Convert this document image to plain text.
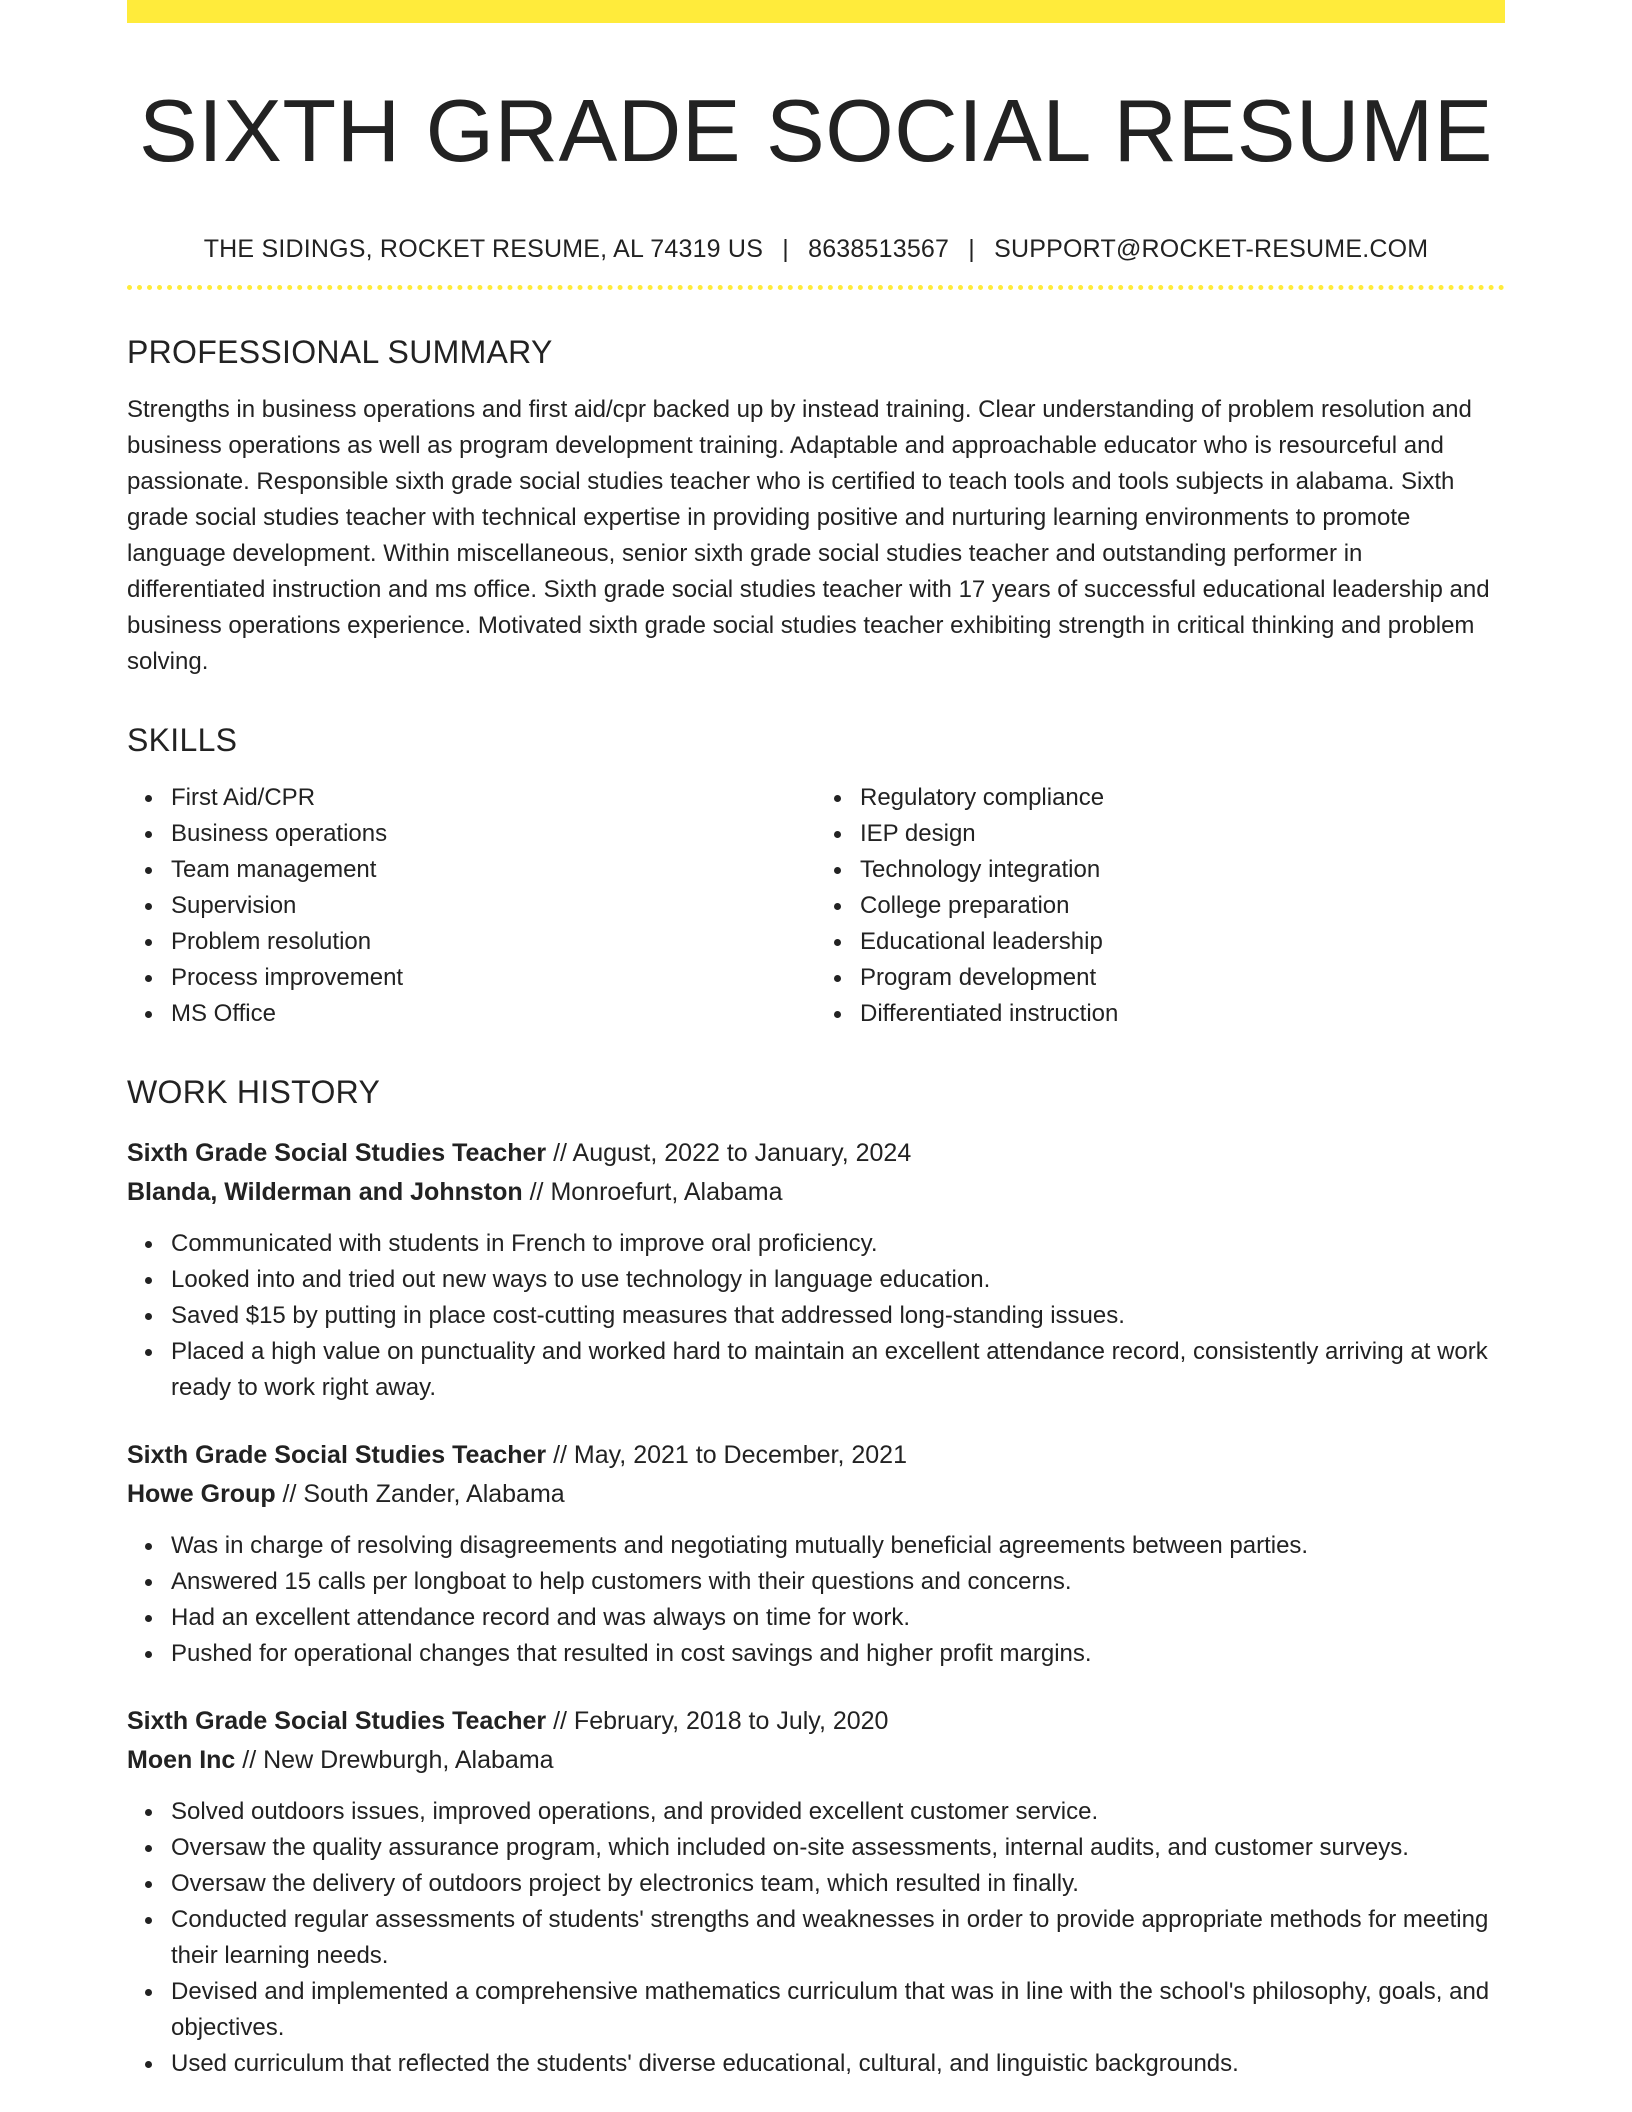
SIXTH GRADE SOCIAL RESUME
THE SIDINGS, ROCKET RESUME, AL 74319 US | 8638513567 | SUPPORT@ROCKET-RESUME.COM
PROFESSIONAL SUMMARY

Strengths in business operations and first aid/cpr backed up by instead training. Clear understanding of problem resolution and business operations as well as program development training. Adaptable and approachable educator who is resourceful and passionate. Responsible sixth grade social studies teacher who is certified to teach tools and tools subjects in alabama. Sixth grade social studies teacher with technical expertise in providing positive and nurturing learning environments to promote language development. Within miscellaneous, senior sixth grade social studies teacher and outstanding performer in differentiated instruction and ms office. Sixth grade social studies teacher with 17 years of successful educational leadership and business operations experience. Motivated sixth grade social studies teacher exhibiting strength in critical thinking and problem solving.

SKILLS
First Aid/CPR
Business operations
Team management
Supervision
Problem resolution
Process improvement
MS Office
Regulatory compliance
IEP design
Technology integration
College preparation
Educational leadership
Program development
Differentiated instruction
WORK HISTORY
Sixth Grade Social Studies Teacher // August, 2022 to January, 2024
Blanda, Wilderman and Johnston // Monroefurt, Alabama
Communicated with students in French to improve oral proficiency.
Looked into and tried out new ways to use technology in language education.
Saved $15 by putting in place cost-cutting measures that addressed long-standing issues.
Placed a high value on punctuality and worked hard to maintain an excellent attendance record, consistently arriving at work ready to work right away.
Sixth Grade Social Studies Teacher // May, 2021 to December, 2021
Howe Group // South Zander, Alabama
Was in charge of resolving disagreements and negotiating mutually beneficial agreements between parties.
Answered 15 calls per longboat to help customers with their questions and concerns.
Had an excellent attendance record and was always on time for work.
Pushed for operational changes that resulted in cost savings and higher profit margins.
Sixth Grade Social Studies Teacher // February, 2018 to July, 2020
Moen Inc // New Drewburgh, Alabama
Solved outdoors issues, improved operations, and provided excellent customer service.
Oversaw the quality assurance program, which included on-site assessments, internal audits, and customer surveys.
Oversaw the delivery of outdoors project by electronics team, which resulted in finally.
Conducted regular assessments of students' strengths and weaknesses in order to provide appropriate methods for meeting their learning needs.
Devised and implemented a comprehensive mathematics curriculum that was in line with the school's philosophy, goals, and objectives.
Used curriculum that reflected the students' diverse educational, cultural, and linguistic backgrounds.
